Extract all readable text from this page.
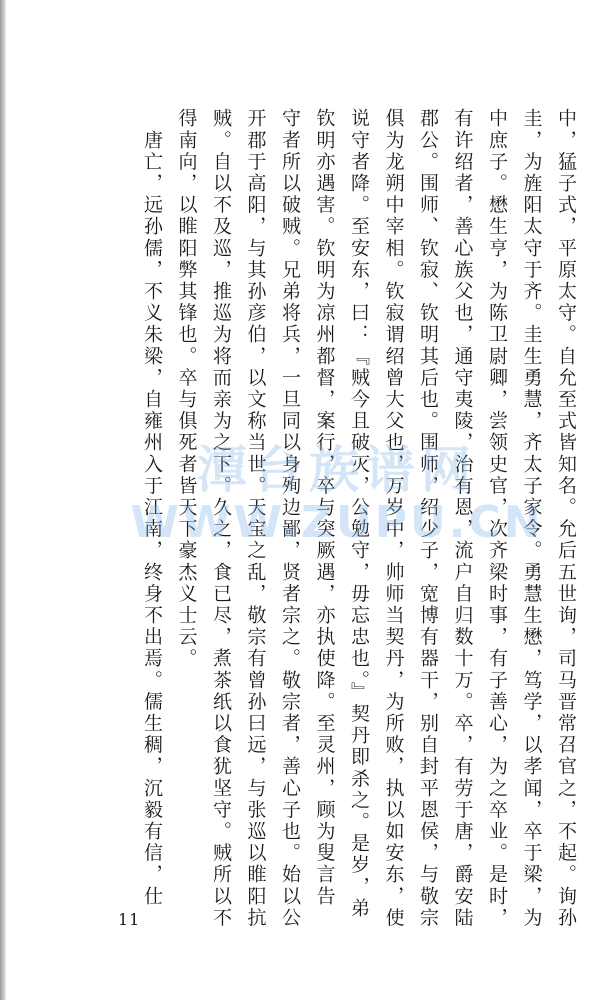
中，猛子式，平原太守。自允至式皆知名。允后五世询，司马晋常召官之，不起。询孙
圭，为旌阳太守于齐。圭生勇慧，齐太子家令。勇慧生懋，笃学，以孝闻，卒于梁，为
中庶子。懋生亨，为陈卫尉卿，尝领史官，次齐梁时事，有子善心，为之卒业。是时，
有许绍者，善心族父也，通守夷陵，治有恩，流户自归数十万。卒，有劳于唐，爵安陆
郡公。围师、钦寂、钦明其后也。围师，绍少子，宽博有器干，别自封平恩侯，与敬宗
俱为龙朔中宰相。钦寂谓绍曾大父也，万岁中，帅师当契丹，为所败，执以如安东，使
说守者降。至安东，曰：『贼今且破灭，公勉守，毋忘忠也。』契丹即杀之。是岁，弟
钦明亦遇害。钦明为凉州都督，案行，卒与突厥遇，亦执使降。至灵州，顾为叟言告
守者所以破贼。兄弟将兵，一旦同以身殉边鄙，贤者宗之。敬宗者，善心子也。始以公
开郡于高阳，与其孙彦伯，以文称当世。天宝之乱，敬宗有曾孙曰远，与张巡以睢阳抗
贼。自以不及巡，推巡为将而亲为之下。久之，食已尽，煮茶纸以食犹坚守。贼所以不
得南向，以睢阳弊其锋也。卒与俱死者皆天下豪杰义士云。
　唐亡，远孙儒，不义朱梁，自雍州入于江南，终身不出焉。儒生稠，沉毅有信，仕 潭台族谱网
WWW.ZUPU.CN
11
